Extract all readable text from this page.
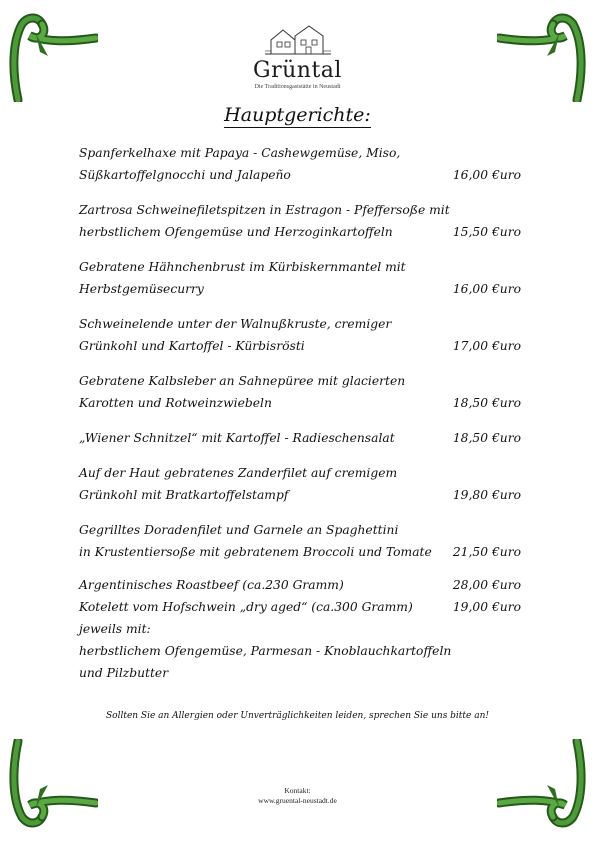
Grüntal
Die Traditionsgaststätte in Neustadt
Hauptgerichte:
Spanferkelhaxe mit Papaya - Cashewgemüse, Miso,
Süßkartoffelgnocchi und Jalapeño	16,00 €uro
Zartrosa Schweinefiletspitzen in Estragon - Pfeffersoße mit
herbstlichem Ofengemüse und Herzoginkartoffeln	15,50 €uro
Gebratene Hähnchenbrust im Kürbiskernmantel mit
Herbstgemüsecurry	16,00 €uro
Schweinelende unter der Walnußkruste, cremiger
Grünkohl und Kartoffel - Kürbisrösti	17,00 €uro
Gebratene Kalbsleber an Sahnepüree mit glacierten
Karotten und Rotweinzwiebeln	18,50 €uro
„Wiener Schnitzel“ mit Kartoffel - Radieschensalat	18,50 €uro
Auf der Haut gebratenes Zanderfilet auf cremigem
Grünkohl mit Bratkartoffelstampf	19,80 €uro
Gegrilltes Doradenfilet und Garnele an Spaghettini
in Krustentiersoße mit gebratenem Broccoli und Tomate	21,50 €uro
Argentinisches Roastbeef (ca.230 Gramm)	28,00 €uro
Kotelett vom Hofschwein „dry aged“ (ca.300 Gramm)	19,00 €uro
jeweils mit:
herbstlichem Ofengemüse, Parmesan - Knoblauchkartoffeln
und Pilzbutter
Sollten Sie an Allergien oder Unverträglichkeiten leiden, sprechen Sie uns bitte an!
Kontakt:
www.gruental-neustadt.de
